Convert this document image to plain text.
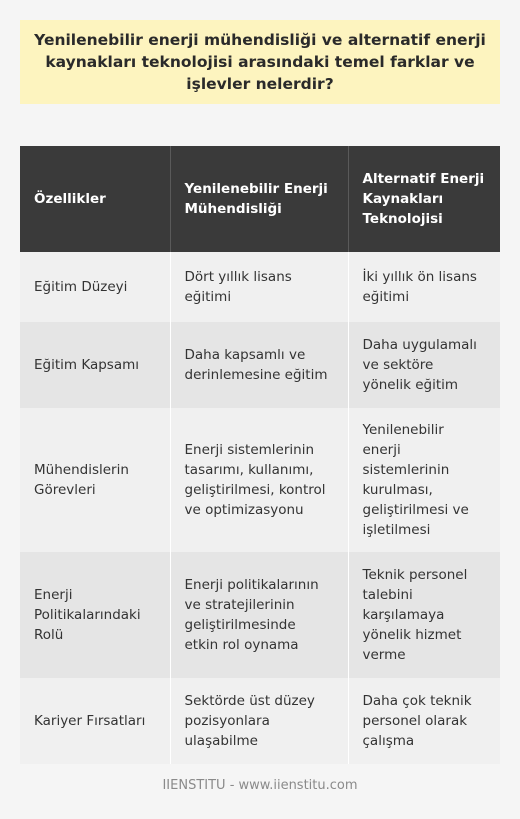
Yenilenebilir enerji mühendisliği ve alternatif enerji kaynakları teknolojisi arasındaki temel farklar ve işlevler nelerdir?
Özellikler	Yenilenebilir Enerji Mühendisliği	Alternatif Enerji Kaynakları Teknolojisi
Eğitim Düzeyi	Dört yıllık lisans eğitimi	İki yıllık ön lisans eğitimi
Eğitim Kapsamı	Daha kapsamlı ve derinlemesine eğitim	Daha uygulamalı ve sektöre yönelik eğitim
Mühendislerin Görevleri	Enerji sistemlerinin tasarımı, kullanımı, geliştirilmesi, kontrol ve optimizasyonu	Yenilenebilir enerji sistemlerinin kurulması, geliştirilmesi ve işletilmesi
Enerji Politikalarındaki Rolü	Enerji politikalarının ve stratejilerinin geliştirilmesinde etkin rol oynama	Teknik personel talebini karşılamaya yönelik hizmet verme
Kariyer Fırsatları	Sektörde üst düzey pozisyonlara ulaşabilme	Daha çok teknik personel olarak çalışma
IIENSTITU - www.iienstitu.com
